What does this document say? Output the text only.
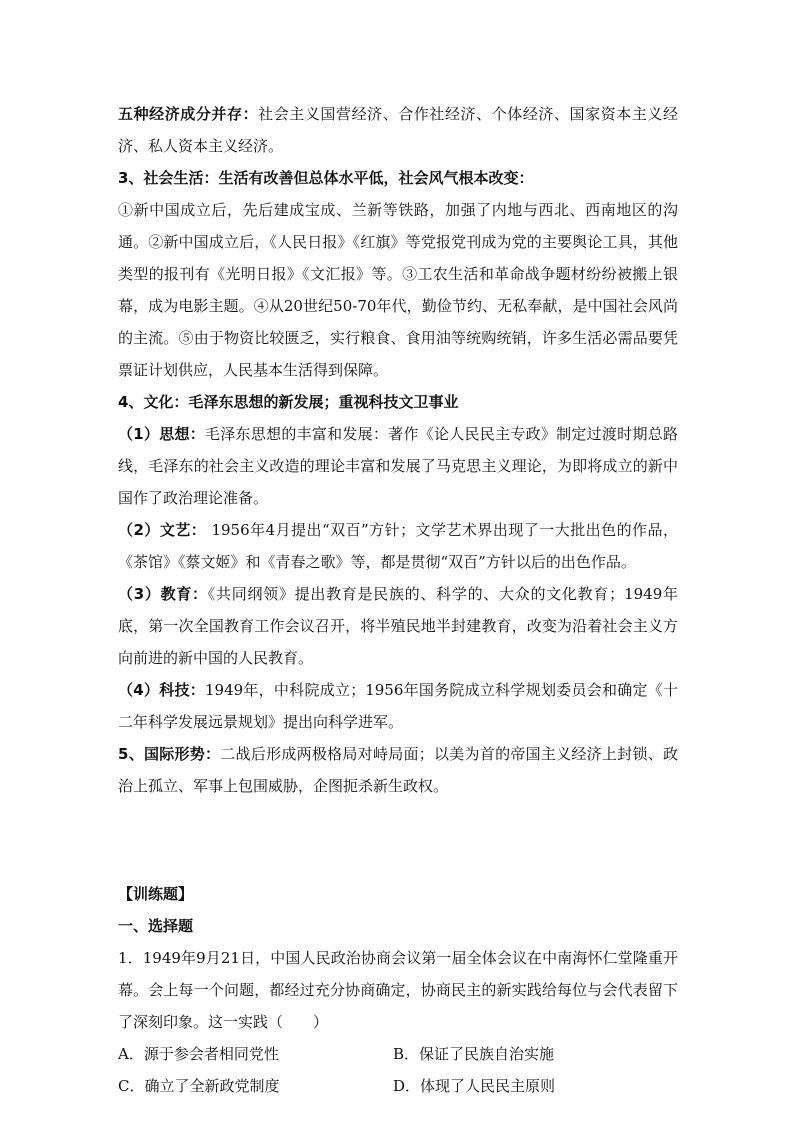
五种经济成分并存：社会主义国营经济、合作社经济、个体经济、国家资本主义经济、私人资本主义经济。

3、社会生活：生活有改善但总体水平低，社会风气根本改变：

①新中国成立后，先后建成宝成、兰新等铁路，加强了内地与西北、西南地区的沟通。②新中国成立后，《人民日报》《红旗》等党报党刊成为党的主要舆论工具，其他类型的报刊有《光明日报》《文汇报》等。③工农生活和革命战争题材纷纷被搬上银幕，成为电影主题。④从20世纪50-70年代，勤俭节约、无私奉献，是中国社会风尚的主流。⑤由于物资比较匮乏，实行粮食、食用油等统购统销，许多生活必需品要凭票证计划供应，人民基本生活得到保障。

4、文化：毛泽东思想的新发展；重视科技文卫事业

（1）思想：毛泽东思想的丰富和发展：著作《论人民民主专政》制定过渡时期总路线，毛泽东的社会主义改造的理论丰富和发展了马克思主义理论，为即将成立的新中国作了政治理论准备。

（2）文艺： 1956年4月提出“双百”方针；文学艺术界出现了一大批出色的作品，《茶馆》《蔡文姬》和《青春之歌》等，都是贯彻“双百”方针以后的出色作品。

（3）教育：《共同纲领》提出教育是民族的、科学的、大众的文化教育；1949年底，第一次全国教育工作会议召开，将半殖民地半封建教育，改变为沿着社会主义方向前进的新中国的人民教育。

（4）科技：1949年，中科院成立；1956年国务院成立科学规划委员会和确定《十二年科学发展远景规划》提出向科学进军。

5、国际形势：二战后形成两极格局对峙局面；以美为首的帝国主义经济上封锁、政治上孤立、军事上包围威胁，企图扼杀新生政权。

【训练题】

一、选择题

1．1949年9月21日，中国人民政治协商会议第一届全体会议在中南海怀仁堂隆重开幕。会上每一个问题，都经过充分协商确定，协商民主的新实践给每位与会代表留下了深刻印象。这一实践（　　）

A．源于参会者相同党性	B．保证了民族自治实施
C．确立了全新政党制度	D．体现了人民民主原则
